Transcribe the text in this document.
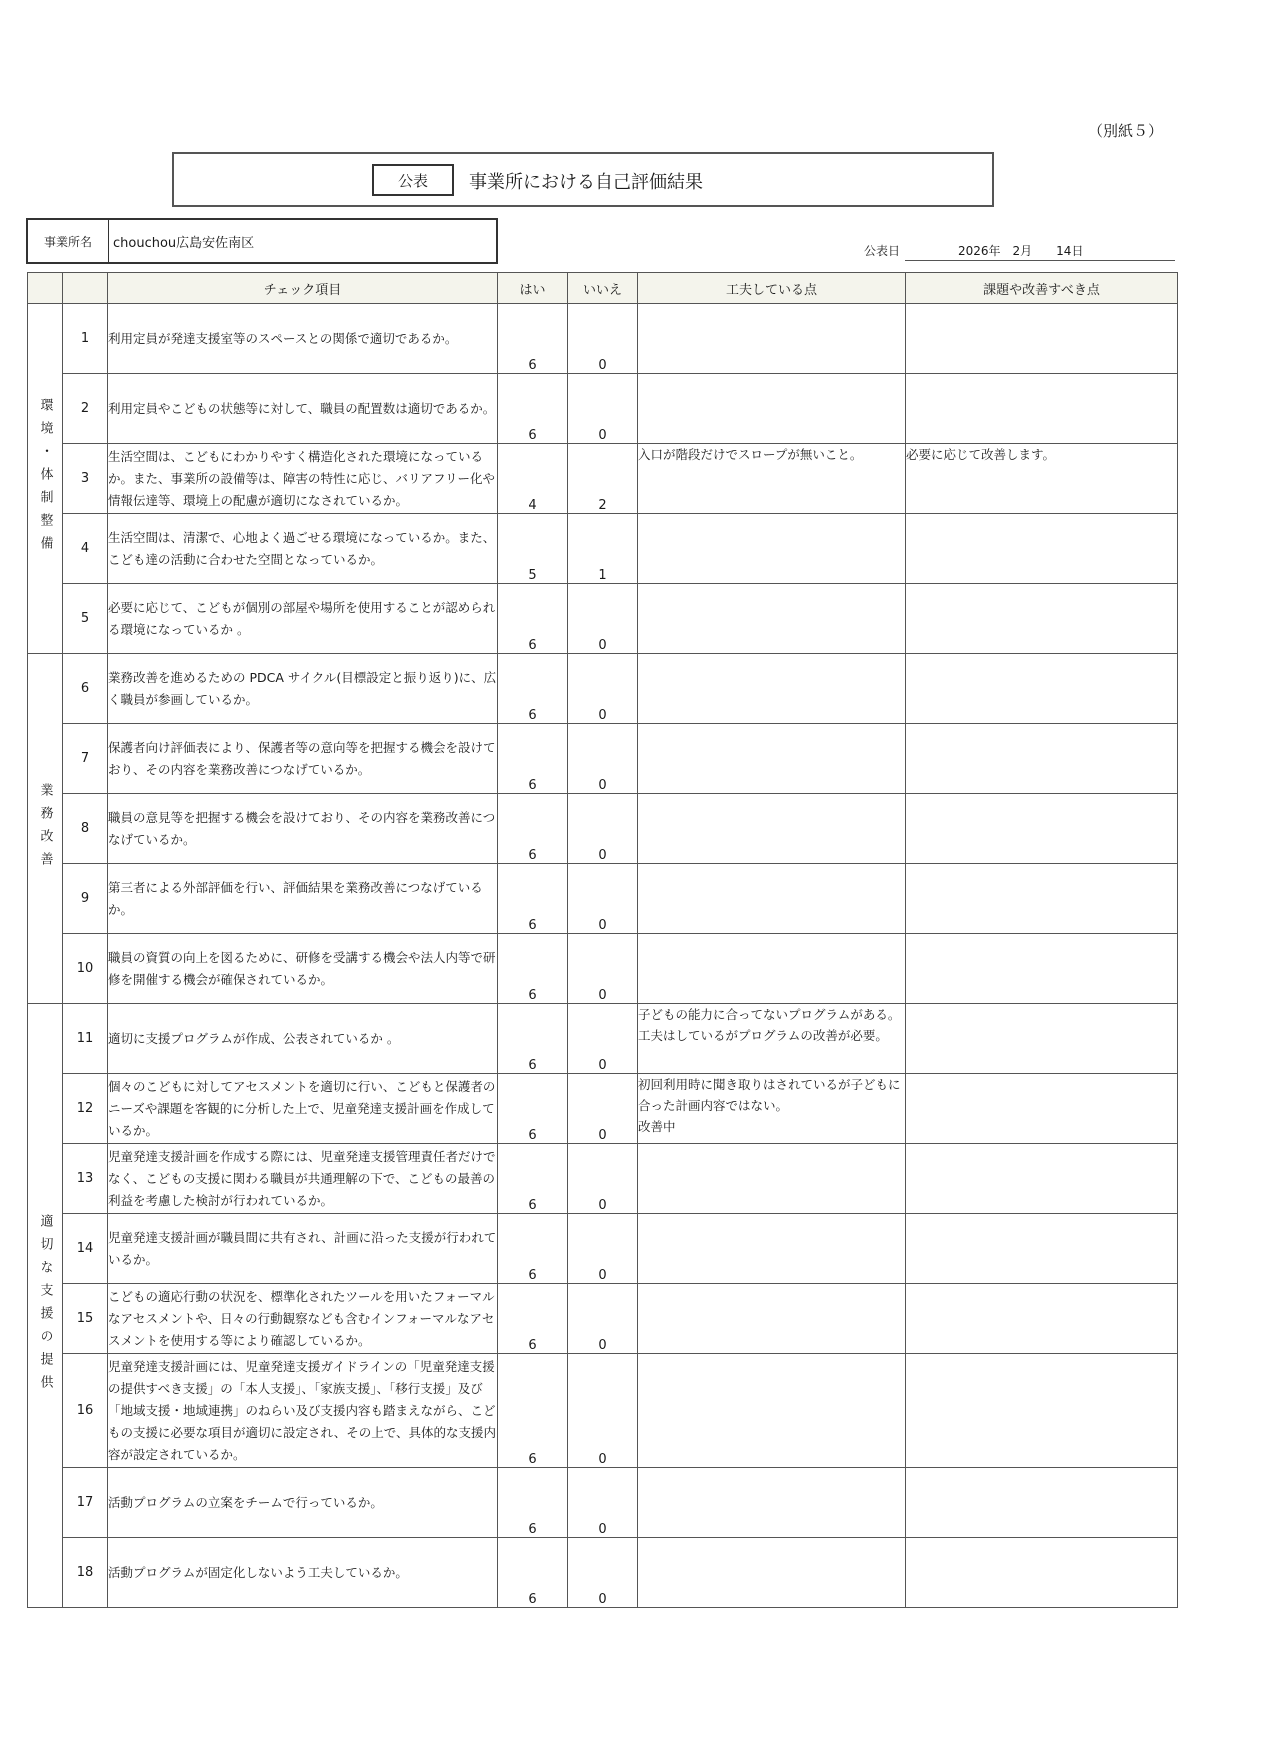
（別紙５）
公表	事業所における自己評価結果
事業所名	chouchou広島安佐南区	公表日	2026年　2月　　14日
		チェック項目	はい	いいえ	工夫している点	課題や改善すべき点
環境・体制整備	1	利用定員が発達支援室等のスペースとの関係で適切であるか。	6	0		
	2	利用定員やこどもの状態等に対して、職員の配置数は適切であるか。	6	0		
	3	生活空間は、こどもにわかりやすく構造化された環境になっているか。また、事業所の設備等は、障害の特性に応じ、バリアフリー化や情報伝達等、環境上の配慮が適切になされているか。	4	2	入口が階段だけでスロープが無いこと。	必要に応じて改善します。
	4	生活空間は、清潔で、心地よく過ごせる環境になっているか。また、こども達の活動に合わせた空間となっているか。	5	1		
	5	必要に応じて、こどもが個別の部屋や場所を使用することが認められる環境になっているか 。	6	0		
業務改善	6	業務改善を進めるための PDCA サイクル(目標設定と振り返り)に、広く職員が参画しているか。	6	0		
	7	保護者向け評価表により、保護者等の意向等を把握する機会を設けており、その内容を業務改善につなげているか。	6	0		
	8	職員の意見等を把握する機会を設けており、その内容を業務改善につなげているか。	6	0		
	9	第三者による外部評価を行い、評価結果を業務改善につなげているか。	6	0		
	10	職員の資質の向上を図るために、研修を受講する機会や法人内等で研修を開催する機会が確保されているか。	6	0		
適切な支援の提供	11	適切に支援プログラムが作成、公表されているか 。	6	0	子どもの能力に合ってないプログラムがある。
工夫はしているがプログラムの改善が必要。	
	12	個々のこどもに対してアセスメントを適切に行い、こどもと保護者のニーズや課題を客観的に分析した上で、児童発達支援計画を作成しているか。	6	0	初回利用時に聞き取りはされているが子どもに合った計画内容ではない。
改善中	
	13	児童発達支援計画を作成する際には、児童発達支援管理責任者だけでなく、こどもの支援に関わる職員が共通理解の下で、こどもの最善の利益を考慮した検討が行われているか。	6	0		
	14	児童発達支援計画が職員間に共有され、計画に沿った支援が行われているか。	6	0		
	15	こどもの適応行動の状況を、標準化されたツールを用いたフォーマルなアセスメントや、日々の行動観察なども含むインフォーマルなアセスメントを使用する等により確認しているか。	6	0		
	16	児童発達支援計画には、児童発達支援ガイドラインの「児童発達支援の提供すべき支援」の「本人支援」、「家族支援」、「移行支援」及び「地域支援・地域連携」のねらい及び支援内容も踏まえながら、こどもの支援に必要な項目が適切に設定され、その上で、具体的な支援内容が設定されているか。	6	0		
	17	活動プログラムの立案をチームで行っているか。	6	0		
	18	活動プログラムが固定化しないよう工夫しているか。	6	0		
